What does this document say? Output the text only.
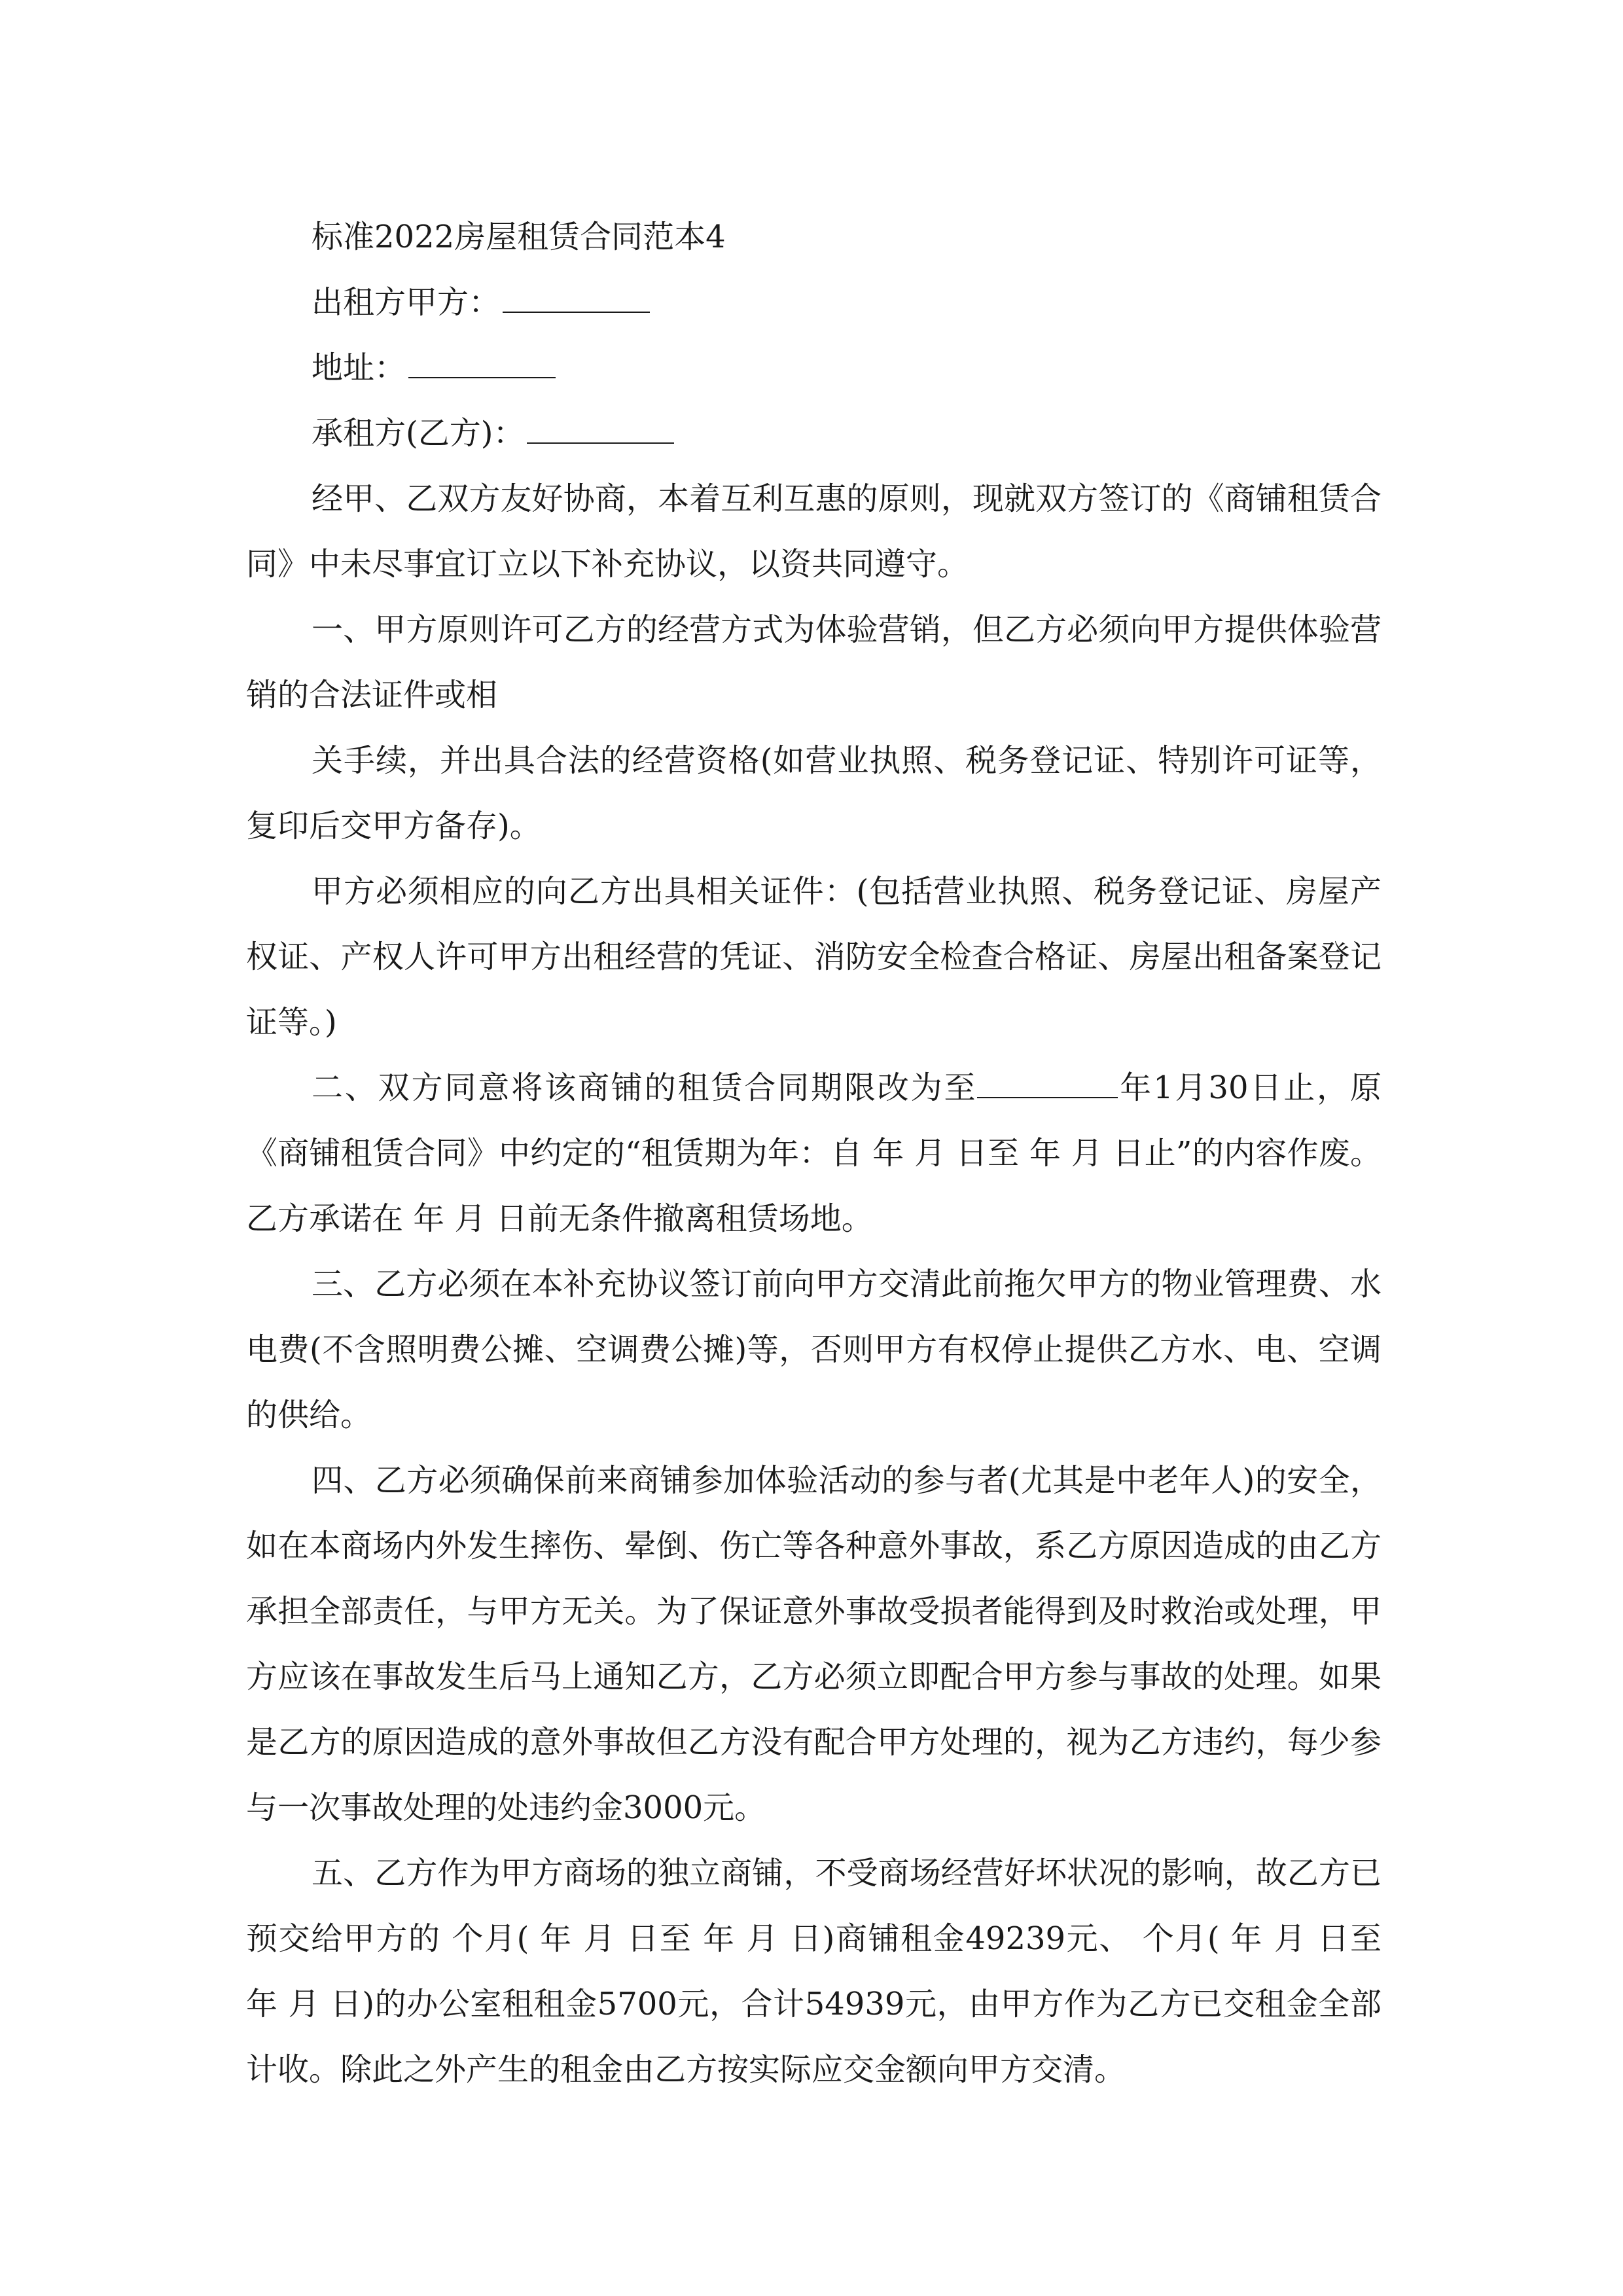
标准2022房屋租赁合同范本4
出租方甲方：
地址：
承租方(乙方)：
经甲、乙双方友好协商，本着互利互惠的原则，现就双方签订的《商铺租赁合同》中未尽事宜订立以下补充协议，以资共同遵守。
一、甲方原则许可乙方的经营方式为体验营销，但乙方必须向甲方提供体验营销的合法证件或相
关手续，并出具合法的经营资格(如营业执照、税务登记证、特别许可证等，复印后交甲方备存)。
甲方必须相应的向乙方出具相关证件：(包括营业执照、税务登记证、房屋产权证、产权人许可甲方出租经营的凭证、消防安全检查合格证、房屋出租备案登记证等。)
二、双方同意将该商铺的租赁合同期限改为至	年1月30日止，原《商铺租赁合同》中约定的“租赁期为年：自 年 月 日至 年 月 日止”的内容作废。乙方承诺在 年 月 日前无条件撤离租赁场地。
三、乙方必须在本补充协议签订前向甲方交清此前拖欠甲方的物业管理费、水电费(不含照明费公摊、空调费公摊)等，否则甲方有权停止提供乙方水、电、空调的供给。
四、乙方必须确保前来商铺参加体验活动的参与者(尤其是中老年人)的安全，如在本商场内外发生摔伤、晕倒、伤亡等各种意外事故，系乙方原因造成的由乙方承担全部责任，与甲方无关。为了保证意外事故受损者能得到及时救治或处理，甲方应该在事故发生后马上通知乙方，乙方必须立即配合甲方参与事故的处理。如果是乙方的原因造成的意外事故但乙方没有配合甲方处理的，视为乙方违约，每少参与一次事故处理的处违约金3000元。
五、乙方作为甲方商场的独立商铺，不受商场经营好坏状况的影响，故乙方已预交给甲方的 个月( 年 月 日至 年 月 日)商铺租金49239元、 个月( 年 月 日至 年 月 日)的办公室租租金5700元，合计54939元，由甲方作为乙方已交租金全部计收。除此之外产生的租金由乙方按实际应交金额向甲方交清。
